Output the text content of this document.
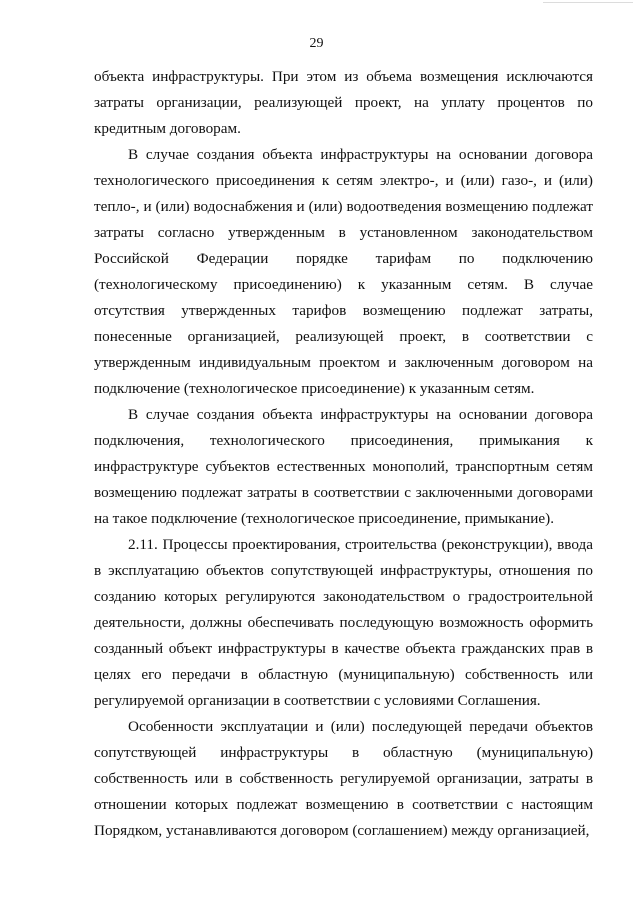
29

объекта инфраструктуры. При этом из объема возмещения исключаются затраты организации, реализующей проект, на уплату процентов по кредитным договорам.

В случае создания объекта инфраструктуры на основании договора технологического присоединения к сетям электро-, и (или) газо-, и (или) тепло-, и (или) водоснабжения и (или) водоотведения возмещению подлежат затраты согласно утвержденным в установленном законодательством Российской Федерации порядке тарифам по подключению (технологическому присоединению) к указанным сетям. В случае отсутствия утвержденных тарифов возмещению подлежат затраты, понесенные организацией, реализующей проект, в соответствии с утвержденным индивидуальным проектом и заключенным договором на подключение (технологическое присоединение) к указанным сетям.

В случае создания объекта инфраструктуры на основании договора подключения, технологического присоединения, примыкания к инфраструктуре субъектов естественных монополий, транспортным сетям возмещению подлежат затраты в соответствии с заключенными договорами на такое подключение (технологическое присоединение, примыкание).

2.11. Процессы проектирования, строительства (реконструкции), ввода в эксплуатацию объектов сопутствующей инфраструктуры, отношения по созданию которых регулируются законодательством о градостроительной деятельности, должны обеспечивать последующую возможность оформить созданный объект инфраструктуры в качестве объекта гражданских прав в целях его передачи в областную (муниципальную) собственность или регулируемой организации в соответствии с условиями Соглашения.

Особенности эксплуатации и (или) последующей передачи объектов сопутствующей инфраструктуры в областную (муниципальную) собственность или в собственность регулируемой организации, затраты в отношении которых подлежат возмещению в соответствии с настоящим Порядком, устанавливаются договором (соглашением) между организацией,
